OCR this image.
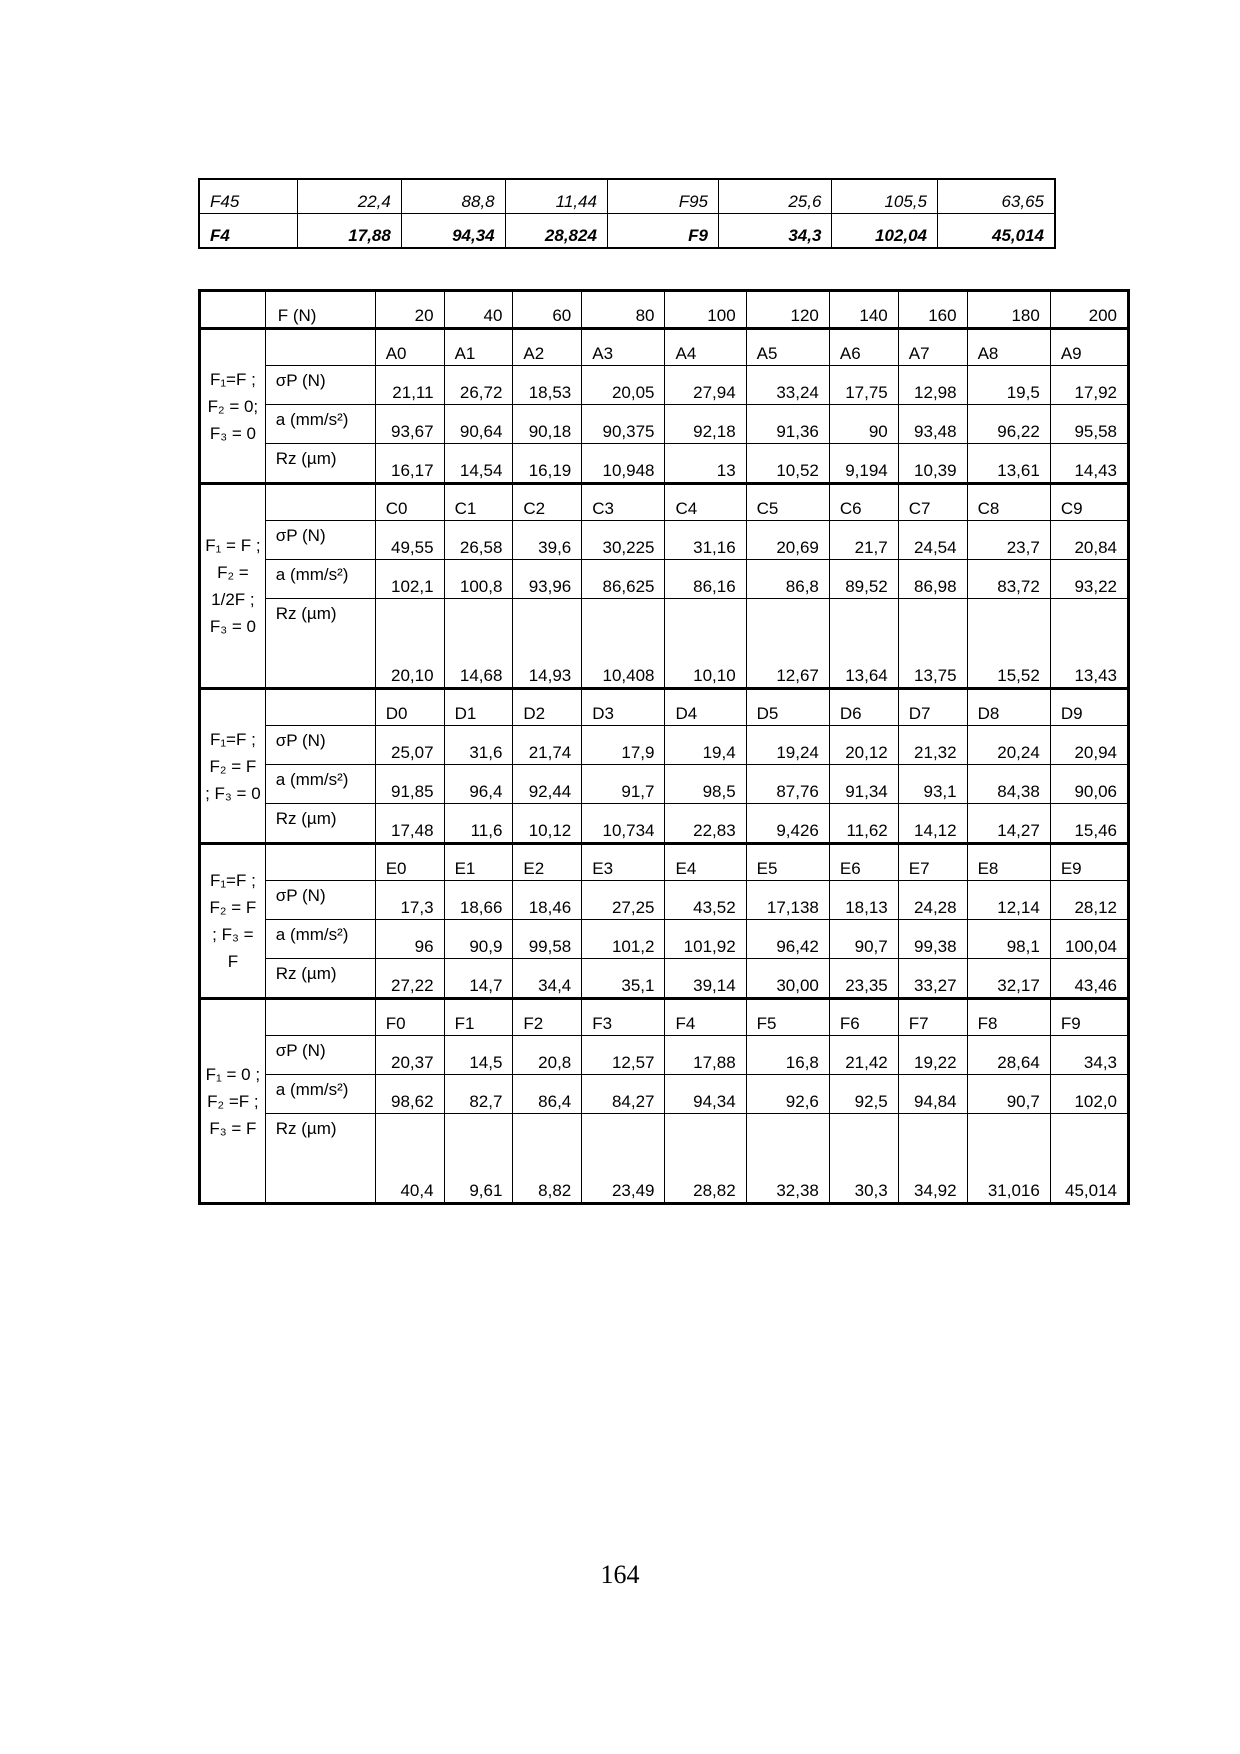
F45	22,4	88,8	11,44	F95	25,6	105,5	63,65
F4	17,88	94,34	28,824	F9	34,3	102,04	45,014
	F (N)	20	40	60	80	100	120	140	160	180	200
F₁=F ; F₂ = 0; F₃ = 0		A0	A1	A2	A3	A4	A5	A6	A7	A8	A9
	σP (N)	21,11	26,72	18,53	20,05	27,94	33,24	17,75	12,98	19,5	17,92
	a (mm/s²)	93,67	90,64	90,18	90,375	92,18	91,36	90	93,48	96,22	95,58
	Rz (µm)	16,17	14,54	16,19	10,948	13	10,52	9,194	10,39	13,61	14,43
F₁ = F ; F₂ = 1/2F ; F₃ = 0		C0	C1	C2	C3	C4	C5	C6	C7	C8	C9
	σP (N)	49,55	26,58	39,6	30,225	31,16	20,69	21,7	24,54	23,7	20,84
	a (mm/s²)	102,1	100,8	93,96	86,625	86,16	86,8	89,52	86,98	83,72	93,22
	Rz (µm)	20,10	14,68	14,93	10,408	10,10	12,67	13,64	13,75	15,52	13,43
F₁=F ; F₂ = F ; F₃ = 0		D0	D1	D2	D3	D4	D5	D6	D7	D8	D9
	σP (N)	25,07	31,6	21,74	17,9	19,4	19,24	20,12	21,32	20,24	20,94
	a (mm/s²)	91,85	96,4	92,44	91,7	98,5	87,76	91,34	93,1	84,38	90,06
	Rz (µm)	17,48	11,6	10,12	10,734	22,83	9,426	11,62	14,12	14,27	15,46
F₁=F ; F₂ = F ; F₃ = F		E0	E1	E2	E3	E4	E5	E6	E7	E8	E9
	σP (N)	17,3	18,66	18,46	27,25	43,52	17,138	18,13	24,28	12,14	28,12
	a (mm/s²)	96	90,9	99,58	101,2	101,92	96,42	90,7	99,38	98,1	100,04
	Rz (µm)	27,22	14,7	34,4	35,1	39,14	30,00	23,35	33,27	32,17	43,46
F₁ = 0 ; F₂ =F ; F₃ = F		F0	F1	F2	F3	F4	F5	F6	F7	F8	F9
	σP (N)	20,37	14,5	20,8	12,57	17,88	16,8	21,42	19,22	28,64	34,3
	a (mm/s²)	98,62	82,7	86,4	84,27	94,34	92,6	92,5	94,84	90,7	102,0
	Rz (µm)	40,4	9,61	8,82	23,49	28,82	32,38	30,3	34,92	31,016	45,014
164
